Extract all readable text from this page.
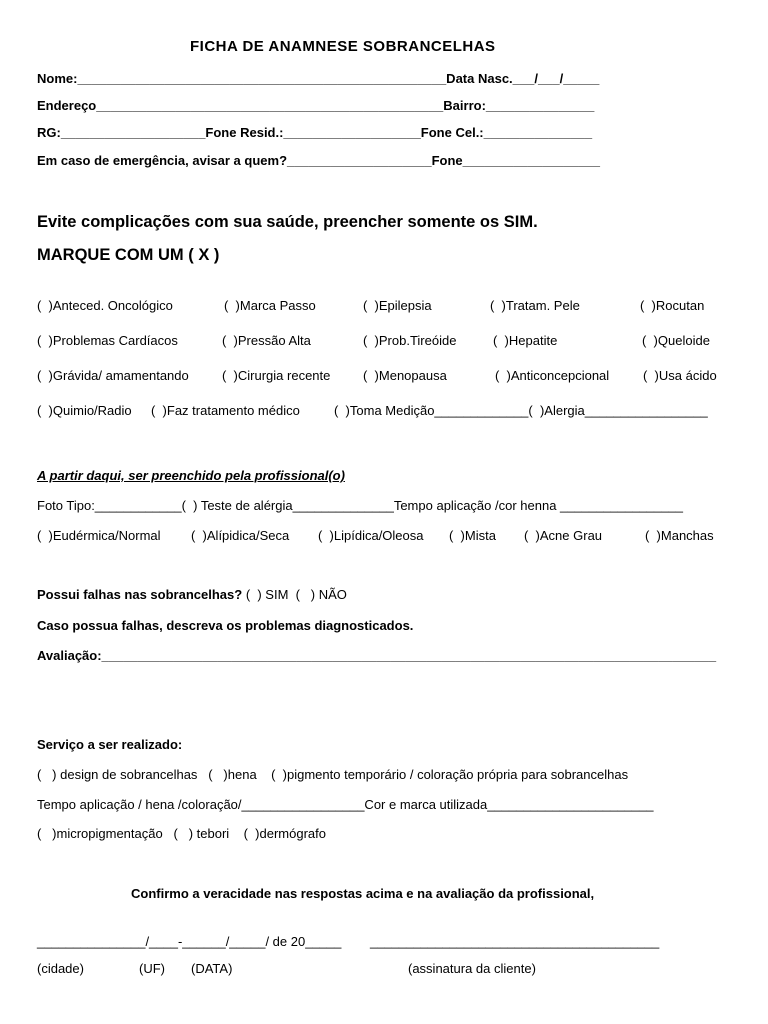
FICHA DE ANAMNESE SOBRANCELHAS
Nome:___________________________________________________Data Nasc.___/___/_____
Endereço________________________________________________Bairro:_______________
RG:____________________Fone Resid.:___________________Fone Cel.:_______________
Em caso de emergência, avisar a quem?____________________Fone___________________
Evite complicações com sua saúde, preencher somente os SIM.
MARQUE COM UM ( X )
(  )Anteced. Oncológico	(  )Marca Passo	(  )Epilepsia	(  )Tratam. Pele	(  )Rocutan
(  )Problemas Cardíacos	(  )Pressão Alta	(  )Prob.Tireóide	(  )Hepatite	(  )Queloide
(  )Grávida/ amamentando	(  )Cirurgia recente	(  )Menopausa	(  )Anticoncepcional	(  )Usa ácido
(  )Quimio/Radio (  )Faz tratamento médico	(  )Toma Medição_____________(  )Alergia_________________
A partir daqui, ser preenchido pela profissional(o)
Foto Tipo:____________(  ) Teste de alérgia______________Tempo aplicação /cor henna _________________
(  )Eudérmica/Normal (  )Alípidica/Seca (  )Lipídica/Oleosa (  )Mista (  )Acne Grau	(  )Manchas
Possui falhas nas sobrancelhas? (  ) SIM  (   ) NÃO
Caso possua falhas, descreva os problemas diagnosticados.
Avaliação:_____________________________________________________________________________________
Serviço a ser realizado:
(   ) design de sobrancelhas   (   )hena    (  )pigmento temporário / coloração própria para sobrancelhas
Tempo aplicação / hena /coloração/_________________Cor e marca utilizada_______________________
(   )micropigmentação   (   ) tebori    (  )dermógrafo
Confirmo a veracidade nas respostas acima e na avaliação da profissional,
_______________/____-______/_____/ de 20_____ ________________________________________
(cidade)	(UF) (DATA)	(assinatura da cliente)
